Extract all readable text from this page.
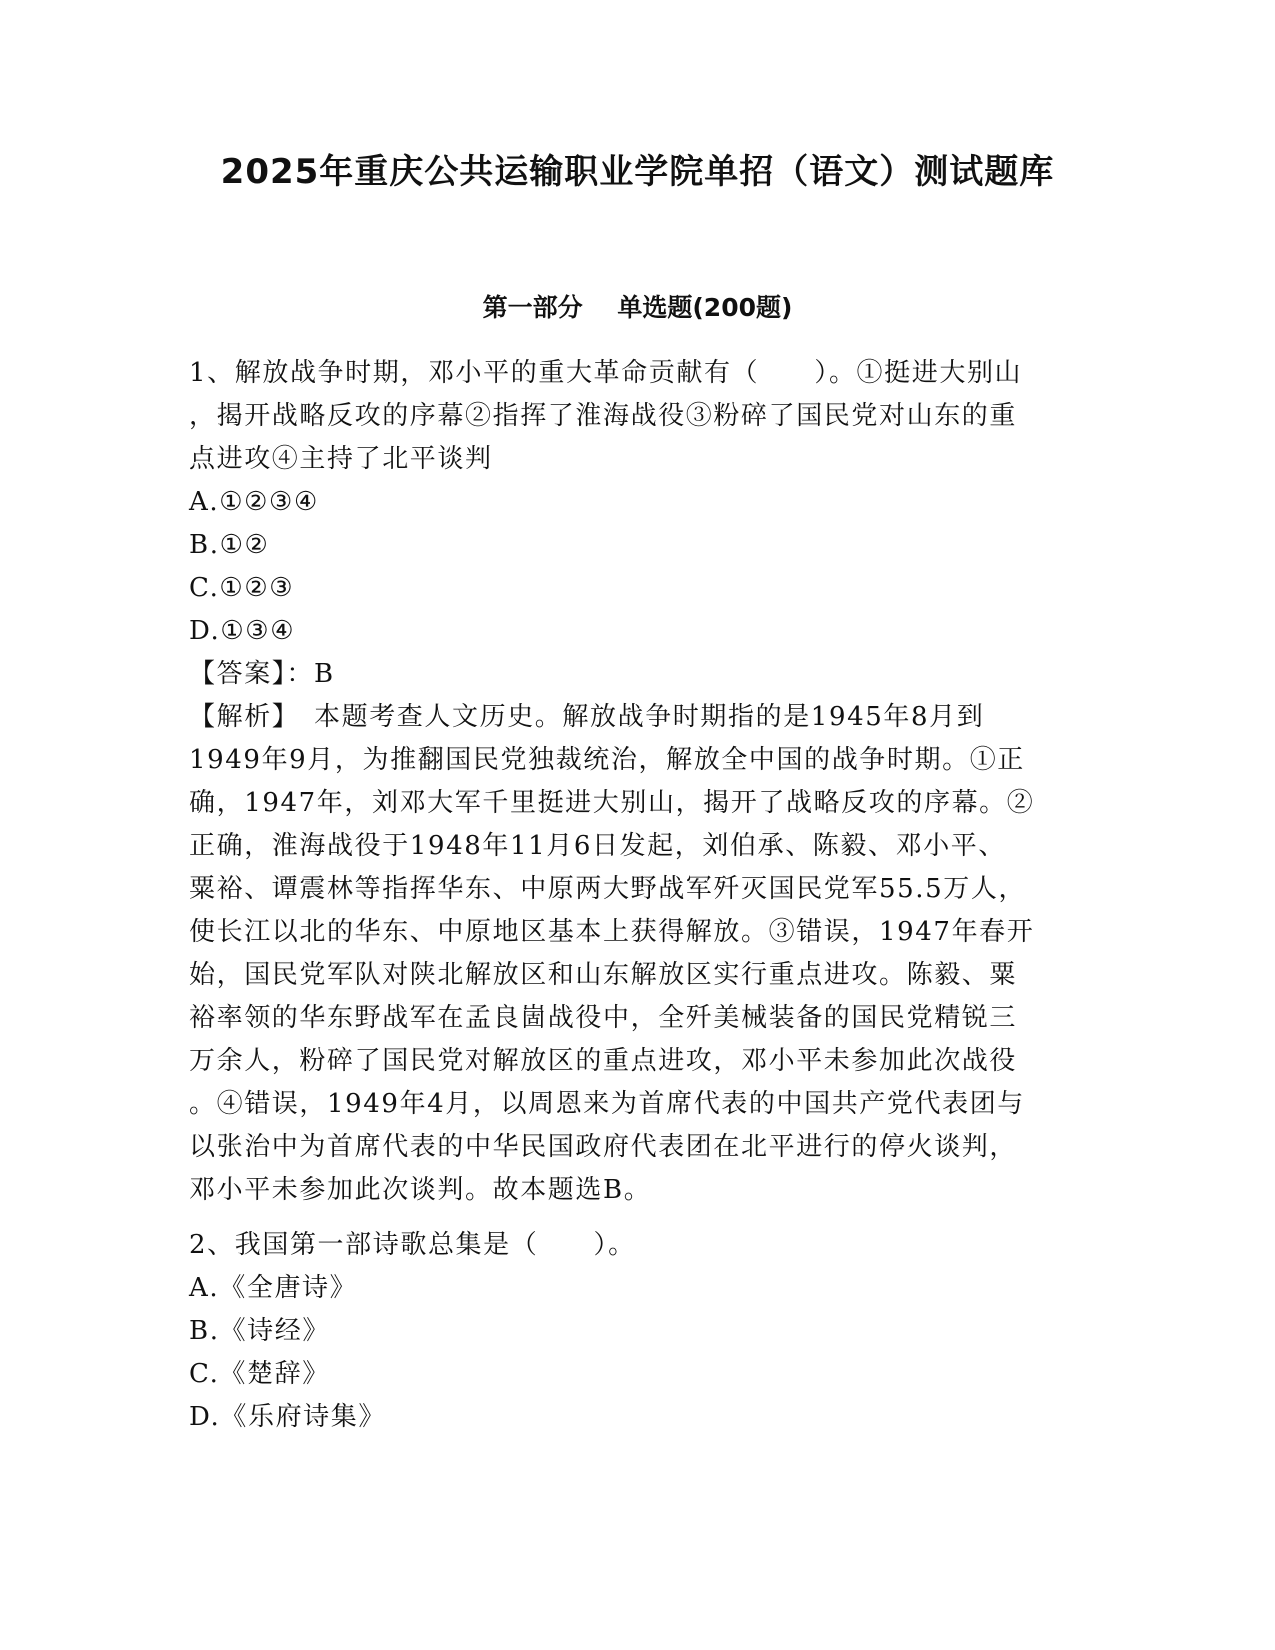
2025年重庆公共运输职业学院单招（语文）测试题库
第一部分    单选题(200题)
1、解放战争时期，邓小平的重大革命贡献有（　　）。①挺进大别山
，揭开战略反攻的序幕②指挥了淮海战役③粉碎了国民党对山东的重
点进攻④主持了北平谈判
A.①②③④
B.①②
C.①②③
D.①③④
【答案】：B
【解析】　本题考查人文历史。解放战争时期指的是1945年8月到
1949年9月，为推翻国民党独裁统治，解放全中国的战争时期。①正
确，1947年，刘邓大军千里挺进大别山，揭开了战略反攻的序幕。②
正确，淮海战役于1948年11月6日发起，刘伯承、陈毅、邓小平、
粟裕、谭震林等指挥华东、中原两大野战军歼灭国民党军55.5万人，
使长江以北的华东、中原地区基本上获得解放。③错误，1947年春开
始，国民党军队对陕北解放区和山东解放区实行重点进攻。陈毅、粟
裕率领的华东野战军在孟良崮战役中，全歼美械装备的国民党精锐三
万余人，粉碎了国民党对解放区的重点进攻，邓小平未参加此次战役
。④错误，1949年4月，以周恩来为首席代表的中国共产党代表团与
以张治中为首席代表的中华民国政府代表团在北平进行的停火谈判，
邓小平未参加此次谈判。故本题选B。
2、我国第一部诗歌总集是（　　）。
A.《全唐诗》
B.《诗经》
C.《楚辞》
D.《乐府诗集》
